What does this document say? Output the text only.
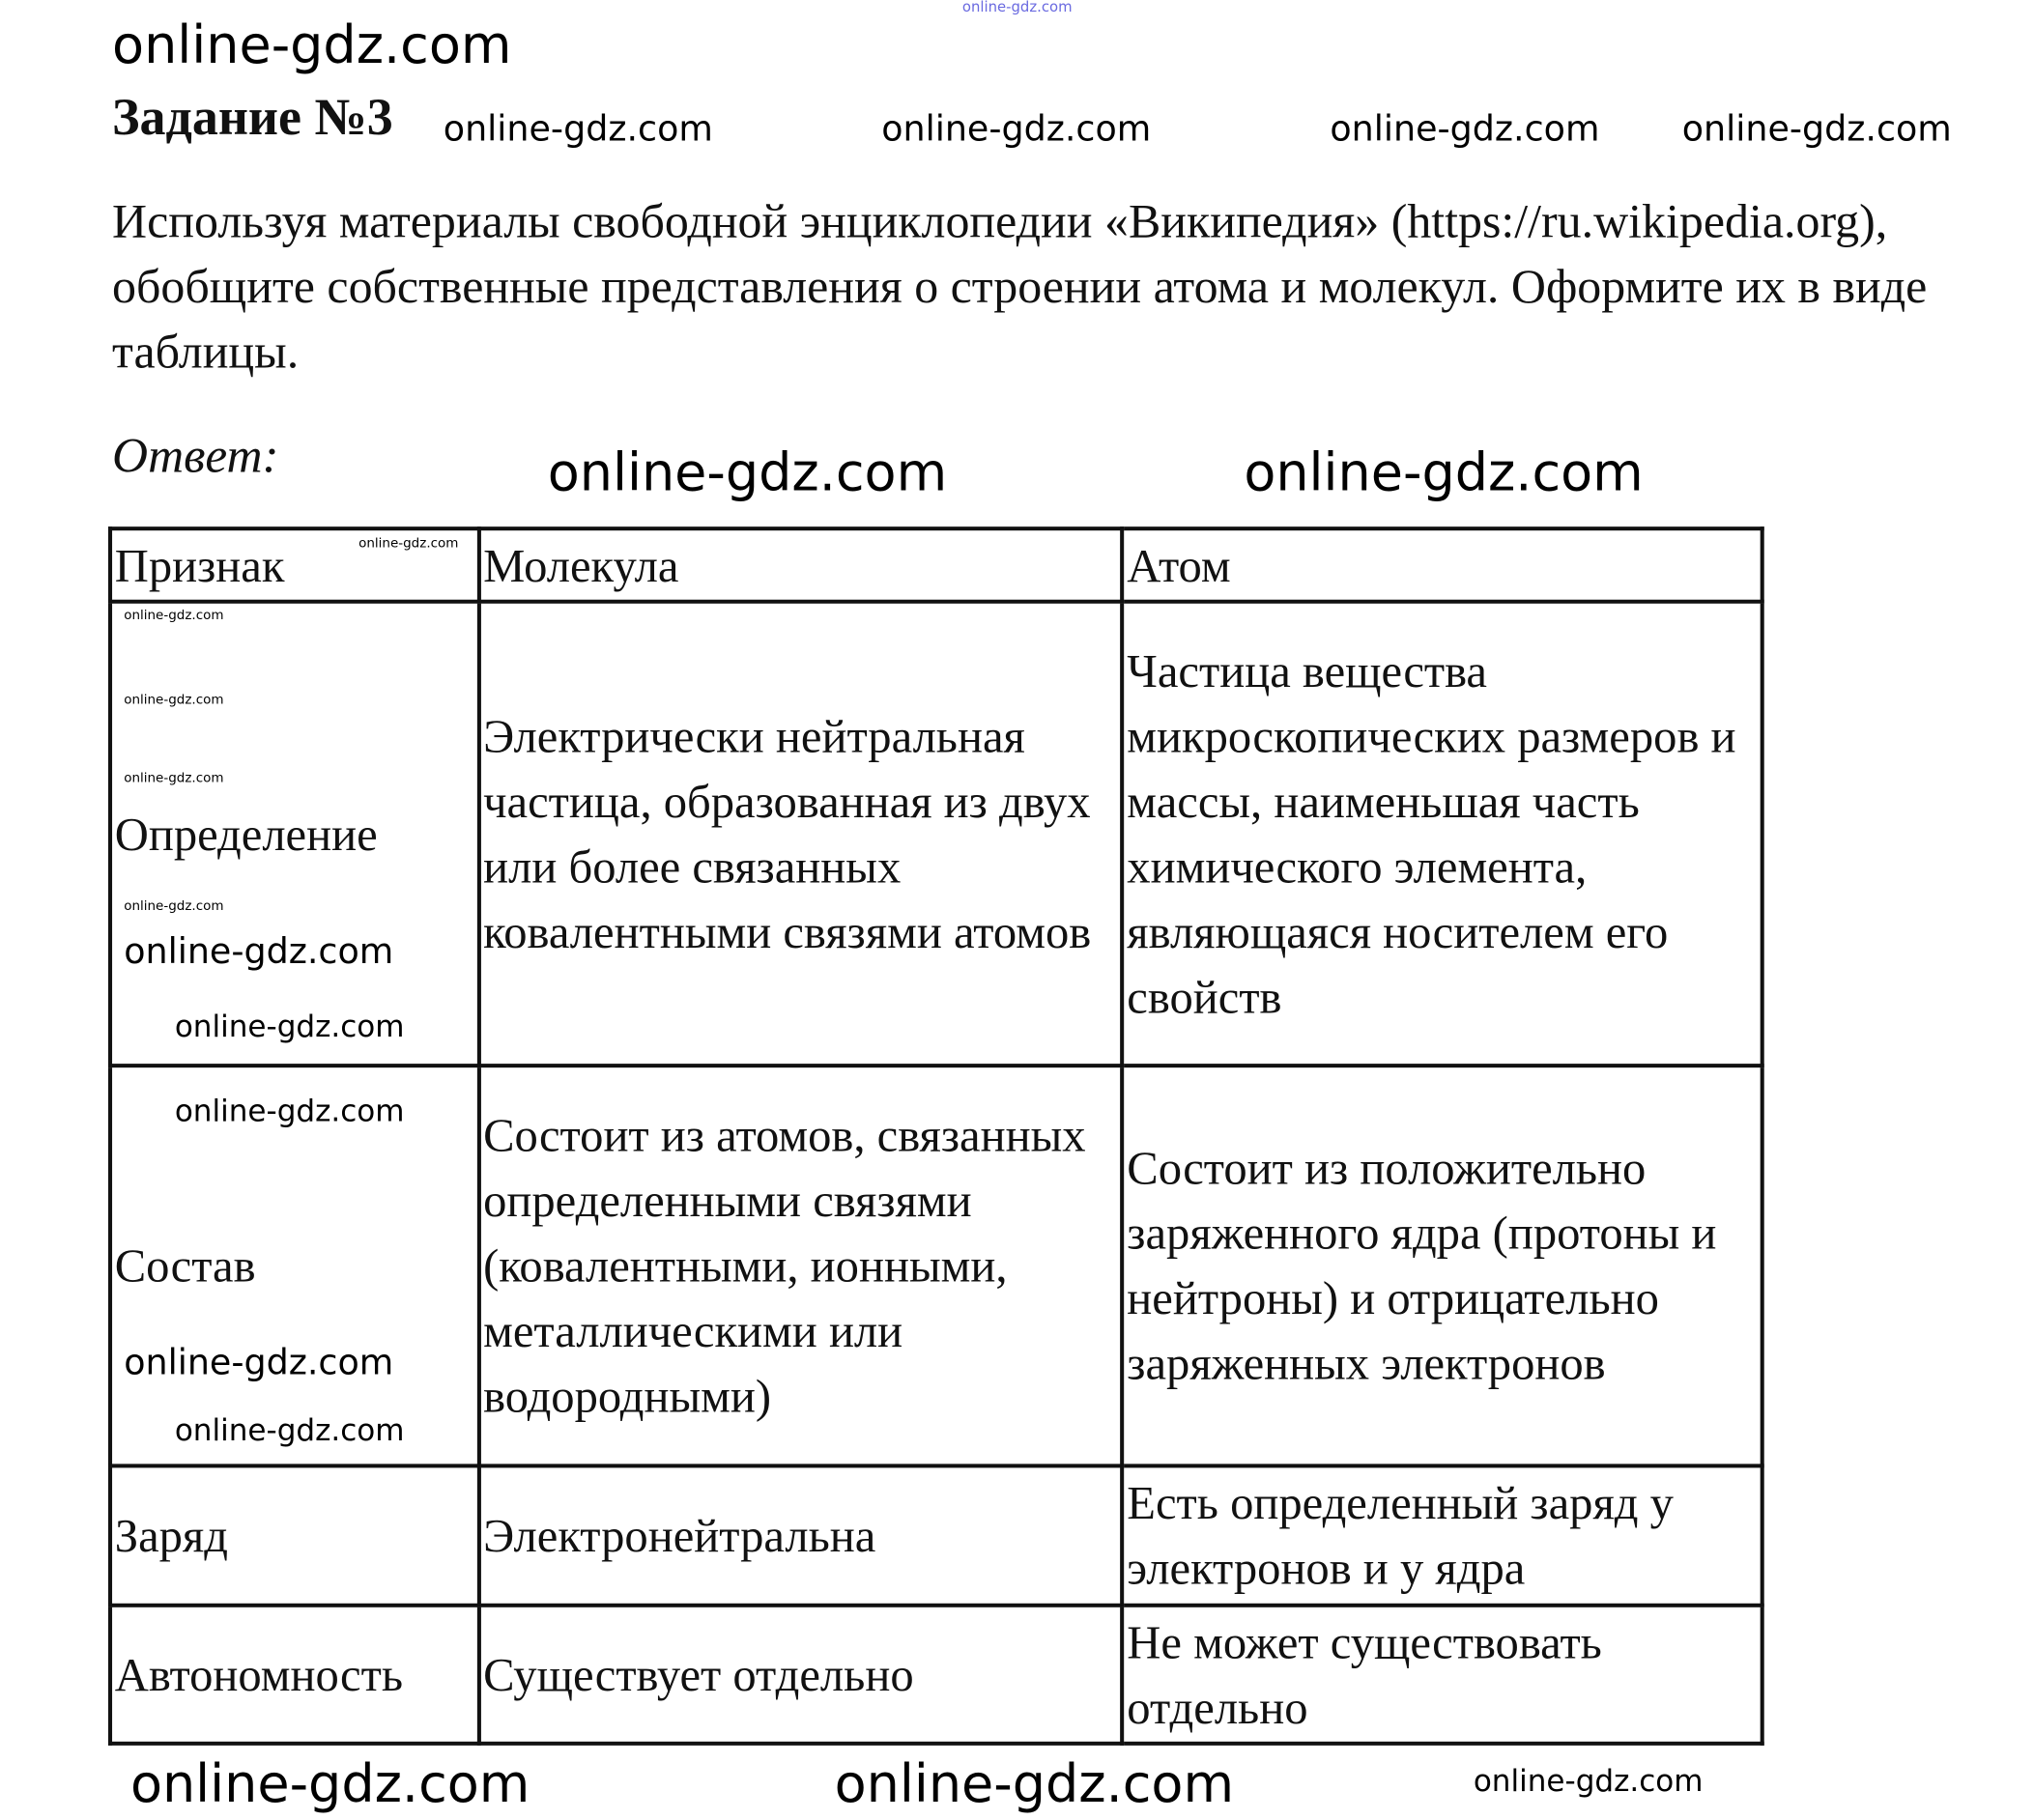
online-gdz.com
online-gdz.com
Задание №3 online-gdz.com	online-gdz.com	online-gdz.com	online-gdz.com
Используя материалы свободной энциклопедии «Википедия» (https://ru.wikipedia.org), обобщите собственные представления о строении атома и молекул. Оформите их в виде таблицы.
Ответ:	online-gdz.com	online-gdz.com
Признак	Молекула	Атом
Определение	Электрически нейтральная частица, образованная из двух или более связанных ковалентными связями атомов	Частица вещества микроскопических размеров и массы, наименьшая часть химического элемента, являющаяся носителем его свойств
Состав	Состоит из атомов, связанных определенными связями (ковалентными, ионными, металлическими или водородными)	Состоит из положительно заряженного ядра (протоны и нейтроны) и отрицательно заряженных электронов
Заряд	Электронейтральна	Есть определенный заряд у электронов и у ядра
Автономность	Существует отдельно	Не может существовать отдельно
online-gdz.com
online-gdz.com
online-gdz.com
online-gdz.com
online-gdz.com
online-gdz.com
online-gdz.com
online-gdz.com
online-gdz.com
online-gdz.com
online-gdz.com	online-gdz.com	online-gdz.com
